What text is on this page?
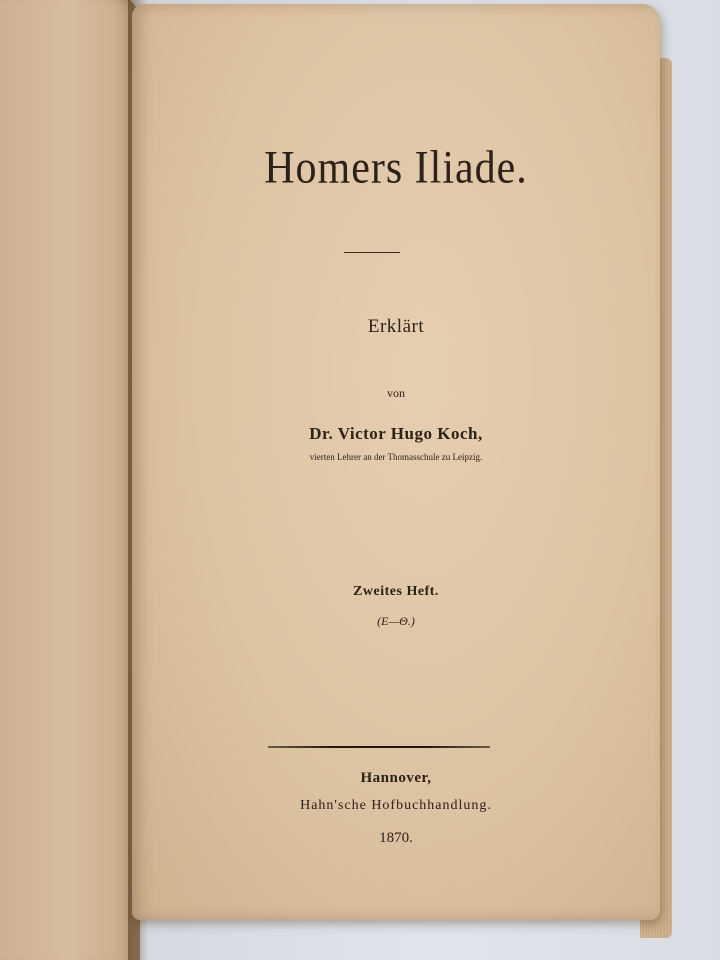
Homers Iliade.

Erklärt

von

Dr. Victor Hugo Koch,

vierten Lehrer an der Thomasschule zu Leipzig.

Zweites Heft.

(E—Θ.)

Hannover,

Hahn'sche Hofbuchhandlung.

1870.
